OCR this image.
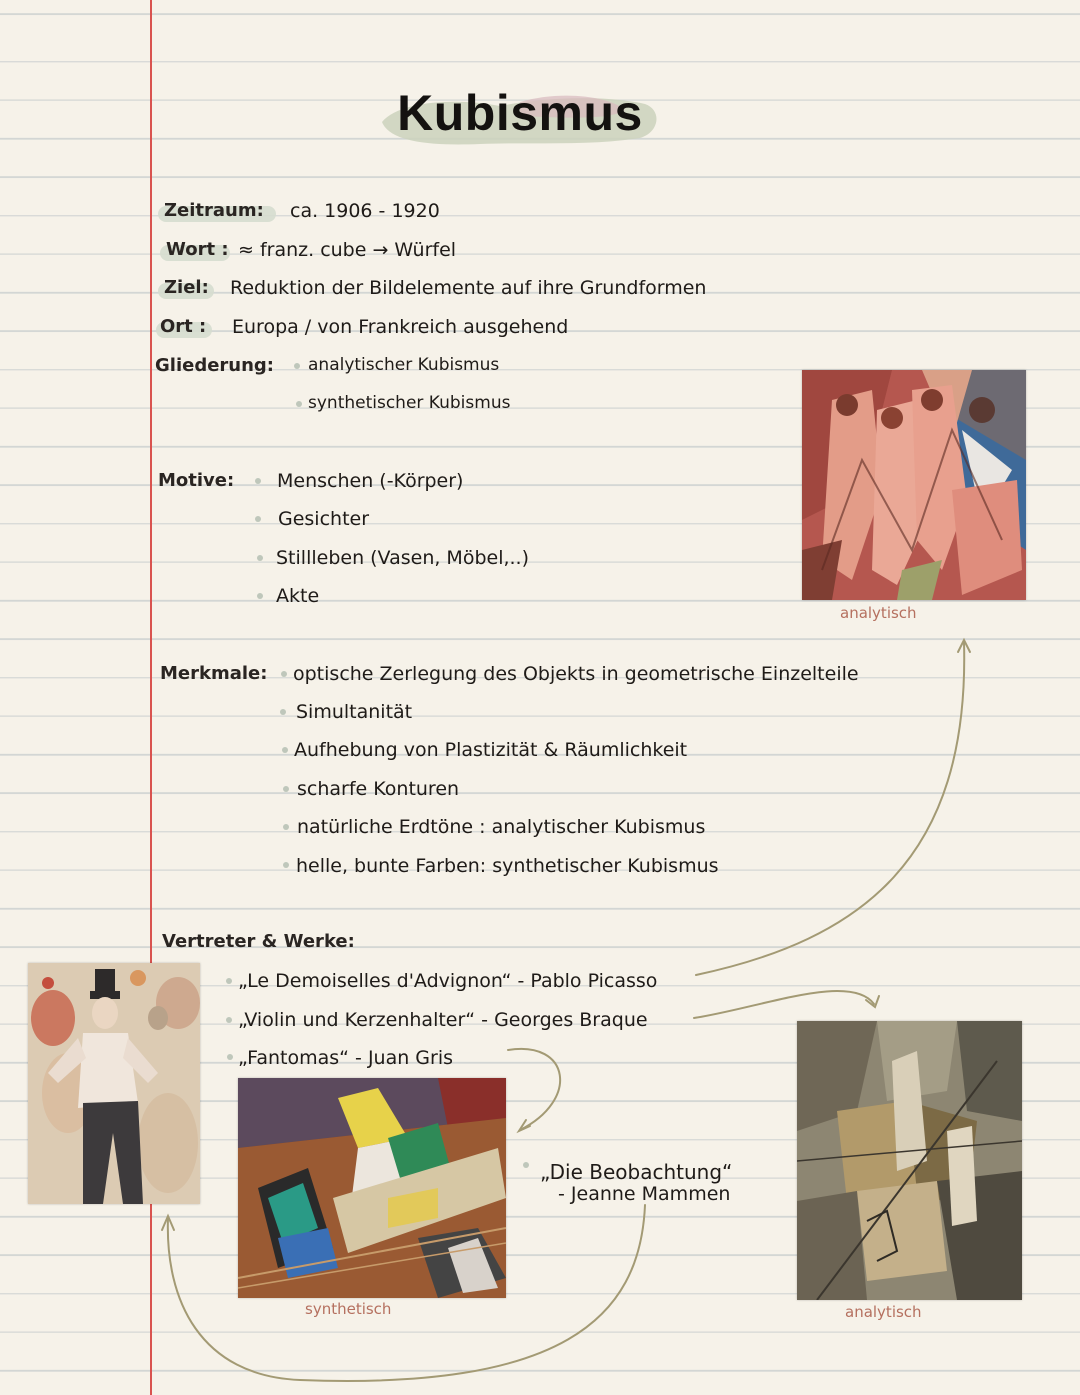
Kubismus
Zeitraum: ca. 1906 - 1920
Wort : ≈ franz. cube → Würfel
Ziel: Reduktion der Bildelemente auf ihre Grundformen
Ort : Europa / von Frankreich ausgehend
Gliederung: analytischer Kubismus
synthetischer Kubismus
Motive: Menschen (-Körper)
Gesichter
Stillleben (Vasen, Möbel,..)
Akte
Merkmale: optische Zerlegung des Objekts in geometrische Einzelteile
Simultanität
Aufhebung von Plastizität & Räumlichkeit
scharfe Konturen
natürliche Erdtöne : analytischer Kubismus
helle, bunte Farben: synthetischer Kubismus
Vertreter & Werke:
„Le Demoiselles d'Advignon“ - Pablo Picasso
„Violin und Kerzenhalter“ - Georges Braque
„Fantomas“ - Juan Gris
„Die Beobachtung“
- Jeanne Mammen
analytisch
synthetisch	analytisch
